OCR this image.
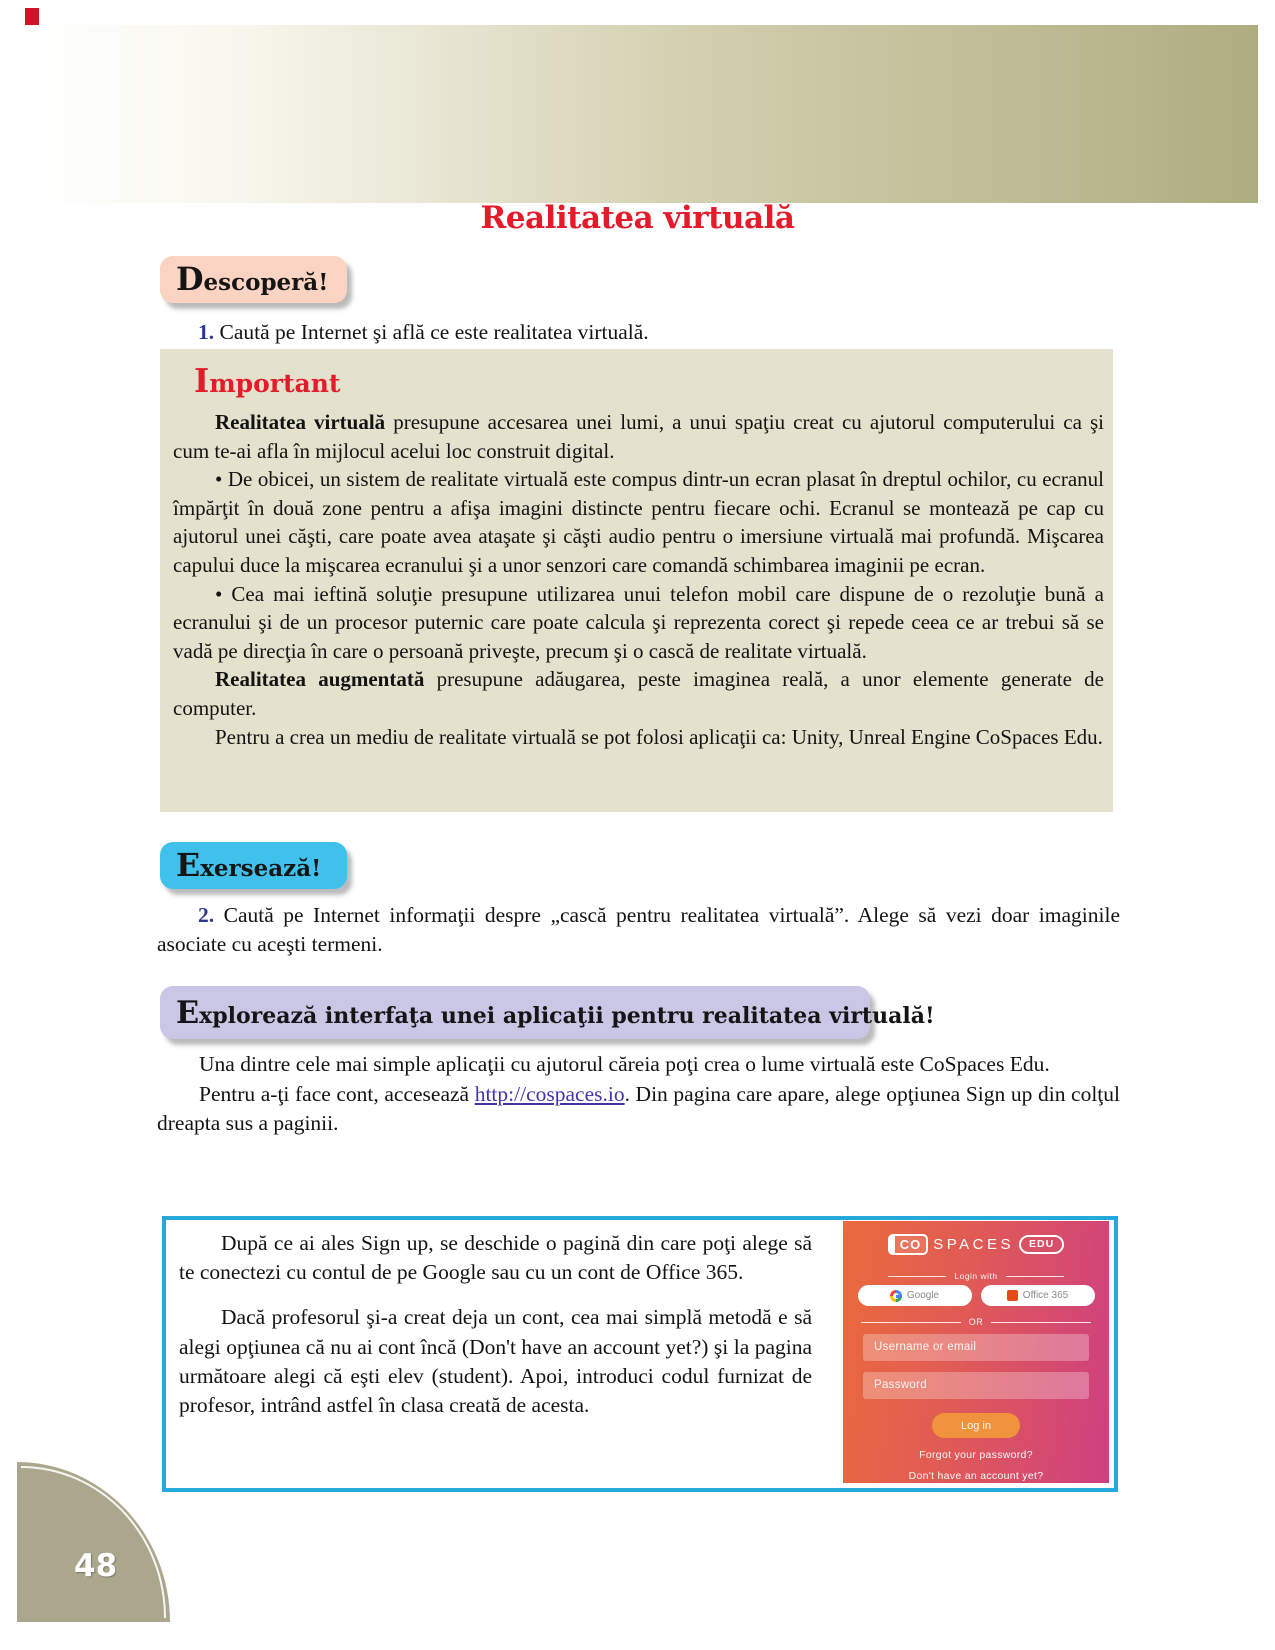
Realitatea virtuală
Descoperă!

1. Caută pe Internet şi află ce este realitatea virtuală.

Important

Realitatea virtuală presupune accesarea unei lumi, a unui spaţiu creat cu ajutorul computerului ca şi cum te-ai afla în mijlocul acelui loc construit digital.

• De obicei, un sistem de realitate virtuală este compus dintr-un ecran plasat în dreptul ochilor, cu ecranul împărţit în două zone pentru a afişa imagini distincte pentru fiecare ochi. Ecranul se montează pe cap cu ajutorul unei căşti, care poate avea ataşate şi căşti audio pentru o imersiune virtuală mai profundă. Mişcarea capului duce la mişcarea ecranului şi a unor senzori care comandă schimbarea imaginii pe ecran.

• Cea mai ieftină soluţie presupune utilizarea unui telefon mobil care dispune de o rezoluţie bună a ecranului şi de un procesor puternic care poate calcula şi reprezenta corect şi repede ceea ce ar trebui să se vadă pe direcţia în care o persoană priveşte, precum şi o cască de realitate virtuală.

Realitatea augmentată presupune adăugarea, peste imaginea reală, a unor elemente generate de computer.

Pentru a crea un mediu de realitate virtuală se pot folosi aplicaţii ca: Unity, Unreal Engine CoSpaces Edu.

Exersează!

2. Caută pe Internet informaţii despre „cască pentru realitatea virtuală”. Alege să vezi doar imaginile asociate cu aceşti termeni.

Explorează interfaţa unei aplicaţii pentru realitatea virtuală!

Una dintre cele mai simple aplicaţii cu ajutorul căreia poţi crea o lume virtuală este CoSpaces Edu.

Pentru a-ţi face cont, accesează http://cospaces.io. Din pagina care apare, alege opţiunea Sign up din colţul dreapta sus a paginii.

După ce ai ales Sign up, se deschide o pagină din care poţi alege să te conectezi cu contul de pe Google sau cu un cont de Office 365.

Dacă profesorul şi-a creat deja un cont, cea mai simplă metodă e să alegi opţiunea că nu ai cont încă (Don't have an account yet?) şi la pagina următoare alegi că eşti elev (student). Apoi, introduci codul furnizat de profesor, intrând astfel în clasa creată de acesta.

CO SPACES	EDU
Login with
Google	Office 365
OR
Username or email
Password
Log in
Forgot your password?
Don't have an account yet?
48
